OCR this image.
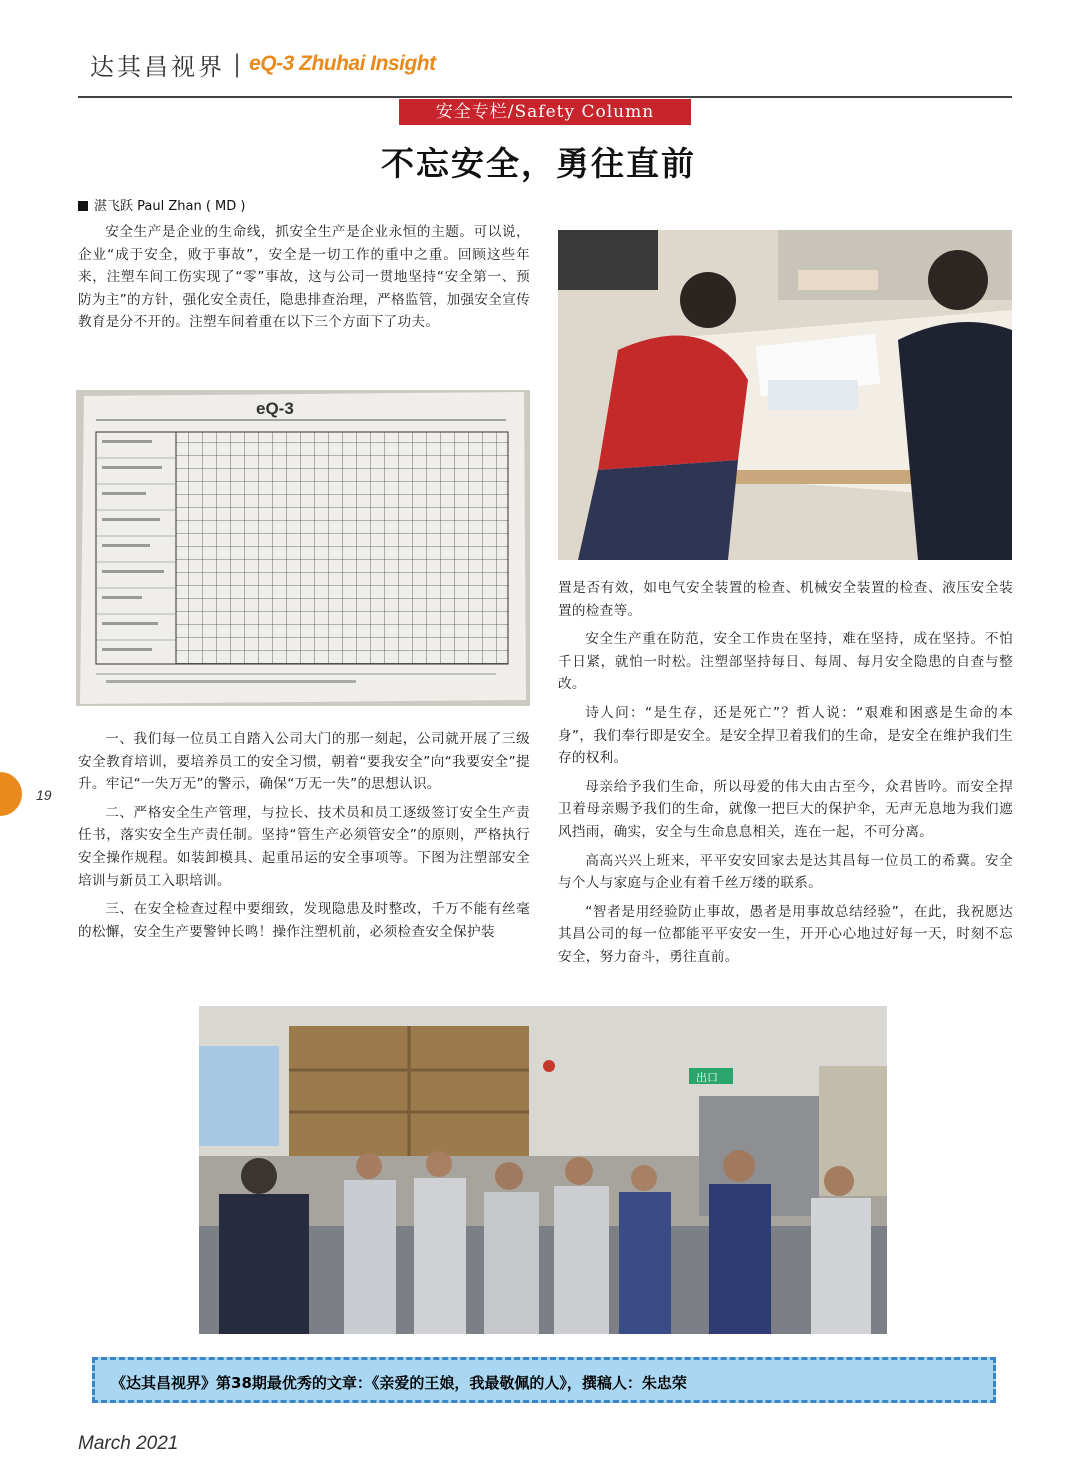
达其昌视界 | eQ-3 Zhuhai Insight
安全专栏/Safety Column
不忘安全，勇往直前
湛飞跃 Paul Zhan ( MD )

安全生产是企业的生命线，抓安全生产是企业永恒的主题。可以说，企业“成于安全，败于事故”，安全是一切工作的重中之重。回顾这些年来，注塑车间工伤实现了“零”事故，这与公司一贯地坚持“安全第一、预防为主”的方针，强化安全责任，隐患排查治理，严格监管，加强安全宣传教育是分不开的。注塑车间着重在以下三个方面下了功夫。

eQ-3

一、我们每一位员工自踏入公司大门的那一刻起，公司就开展了三级安全教育培训，要培养员工的安全习惯，朝着“要我安全”向“我要安全”提升。牢记“一失万无”的警示，确保“万无一失”的思想认识。

二、严格安全生产管理，与拉长、技术员和员工逐级签订安全生产责任书，落实安全生产责任制。坚持“管生产必须管安全”的原则，严格执行安全操作规程。如装卸模具、起重吊运的安全事项等。下图为注塑部安全培训与新员工入职培训。

三、在安全检查过程中要细致，发现隐患及时整改，千万不能有丝毫的松懈，安全生产要警钟长鸣！操作注塑机前，必须检查安全保护装

置是否有效，如电气安全装置的检查、机械安全装置的检查、液压安全装置的检查等。

安全生产重在防范，安全工作贵在坚持，难在坚持，成在坚持。不怕千日紧，就怕一时松。注塑部坚持每日、每周、每月安全隐患的自查与整改。

诗人问：“是生存，还是死亡”？哲人说：“艰难和困惑是生命的本身”，我们奉行即是安全。是安全捍卫着我们的生命，是安全在维护我们生存的权利。

母亲给予我们生命，所以母爱的伟大由古至今，众君皆吟。而安全捍卫着母亲赐予我们的生命，就像一把巨大的保护伞，无声无息地为我们遮风挡雨，确实，安全与生命息息相关，连在一起，不可分离。

高高兴兴上班来，平平安安回家去是达其昌每一位员工的希冀。安全与个人与家庭与企业有着千丝万缕的联系。

“智者是用经验防止事故，愚者是用事故总结经验”，在此，我祝愿达其昌公司的每一位都能平平安安一生，开开心心地过好每一天，时刻不忘安全，努力奋斗，勇往直前。

出口
19
《达其昌视界》第38期最优秀的文章：《亲爱的王娘，我最敬佩的人》，撰稿人：朱忠荣
March 2021
